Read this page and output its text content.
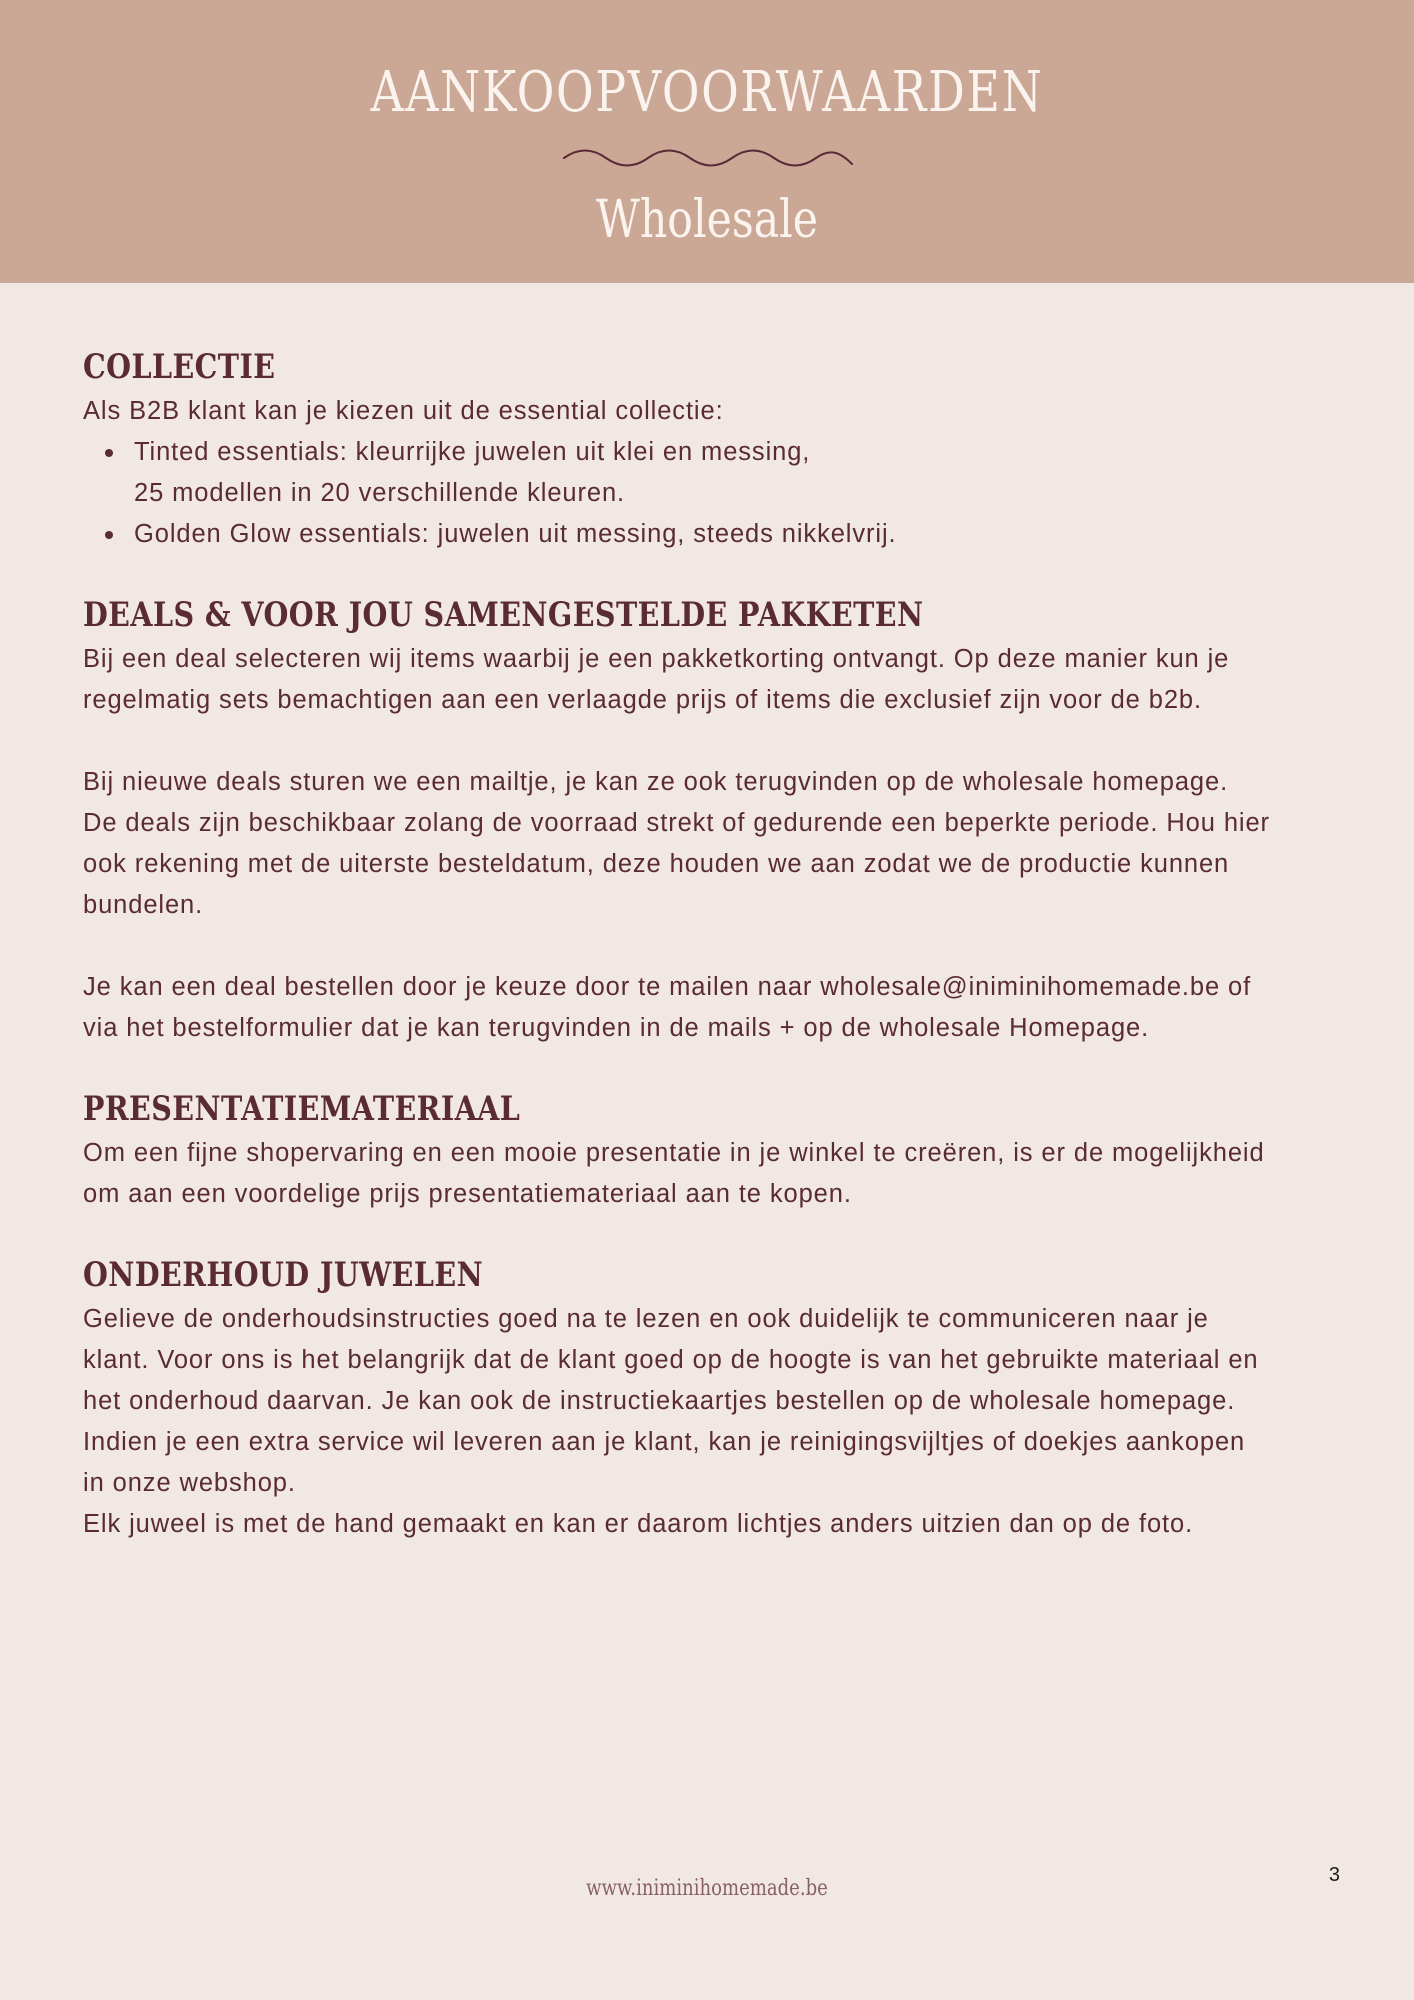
AANKOOPVOORWAARDEN
Wholesale
COLLECTIE

Als B2B klant kan je kiezen uit de essential collectie:

Tinted essentials: kleurrijke juwelen uit klei en messing,
25 modellen in 20 verschillende kleuren.
Golden Glow essentials: juwelen uit messing, steeds nikkelvrij.
DEALS & VOOR JOU SAMENGESTELDE PAKKETEN

Bij een deal selecteren wij items waarbij je een pakketkorting ontvangt. Op deze manier kun je
regelmatig sets bemachtigen aan een verlaagde prijs of items die exclusief zijn voor de b2b.

Bij nieuwe deals sturen we een mailtje, je kan ze ook terugvinden op de wholesale homepage.
De deals zijn beschikbaar zolang de voorraad strekt of gedurende een beperkte periode. Hou hier
ook rekening met de uiterste besteldatum, deze houden we aan zodat we de productie kunnen
bundelen.

Je kan een deal bestellen door je keuze door te mailen naar wholesale@iniminihomemade.be of
via het bestelformulier dat je kan terugvinden in de mails + op de wholesale Homepage.

PRESENTATIEMATERIAAL

Om een fijne shopervaring en een mooie presentatie in je winkel te creëren, is er de mogelijkheid
om aan een voordelige prijs presentatiemateriaal aan te kopen.

ONDERHOUD JUWELEN

Gelieve de onderhoudsinstructies goed na te lezen en ook duidelijk te communiceren naar je
klant. Voor ons is het belangrijk dat de klant goed op de hoogte is van het gebruikte materiaal en
het onderhoud daarvan. Je kan ook de instructiekaartjes bestellen op de wholesale homepage.
Indien je een extra service wil leveren aan je klant, kan je reinigingsvijltjes of doekjes aankopen
in onze webshop.

Elk juweel is met de hand gemaakt en kan er daarom lichtjes anders uitzien dan op de foto.

www.iniminihomemade.be
3
